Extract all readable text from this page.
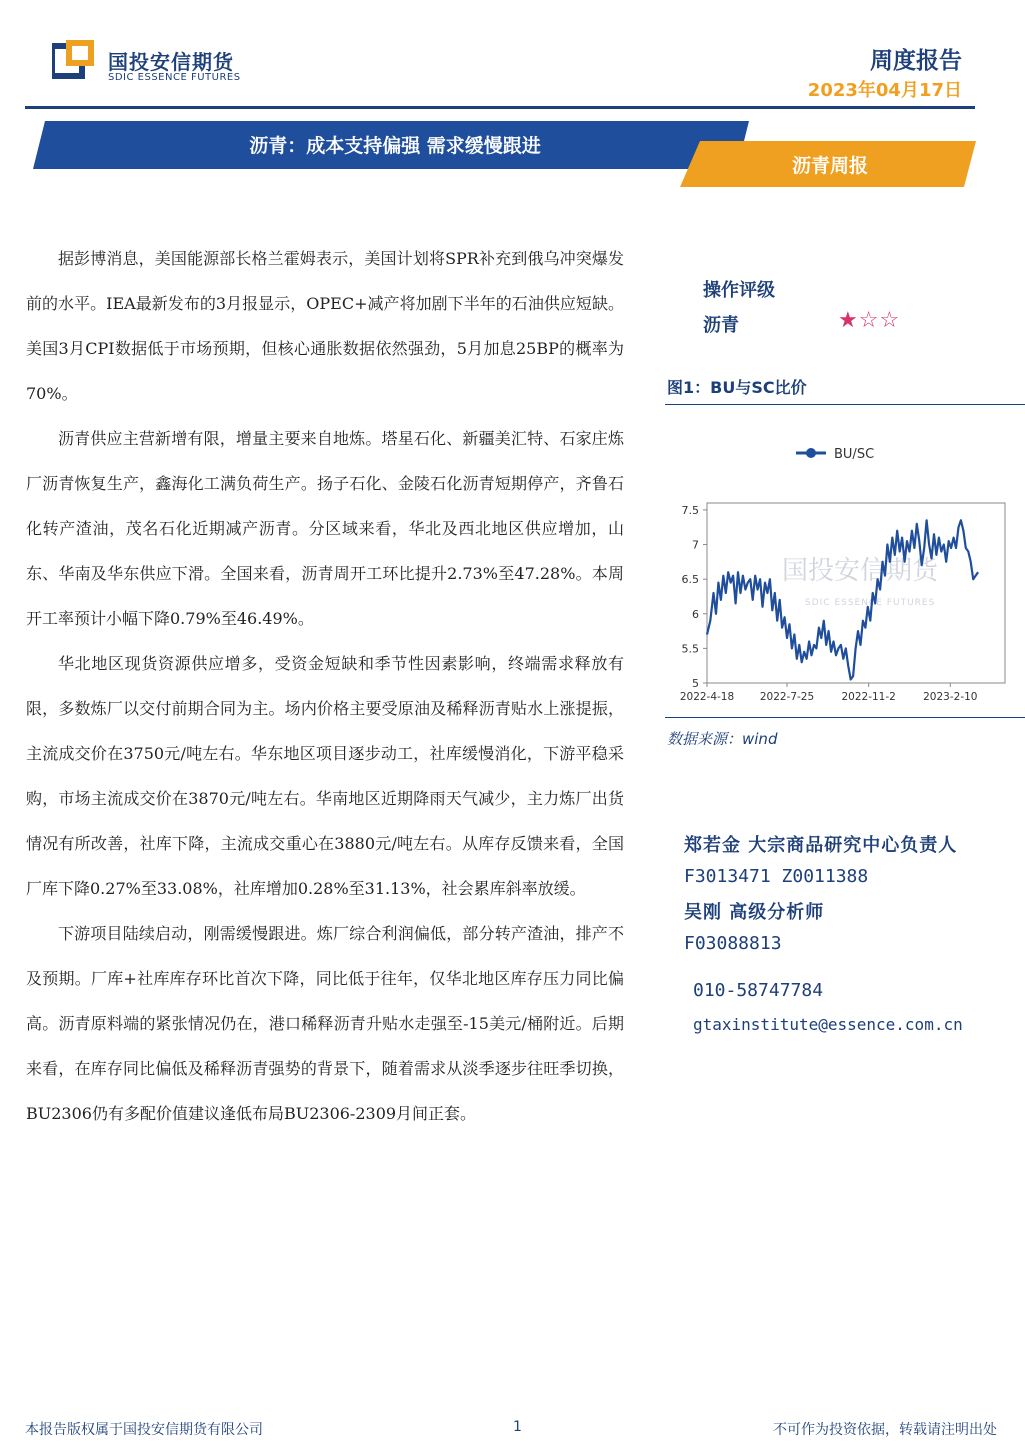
国投安信期货
SDIC ESSENCE FUTURES
周度报告
2023年04月17日
沥青：成本支持偏强 需求缓慢跟进
沥青周报

据彭博消息，美国能源部长格兰霍姆表示，美国计划将SPR补充到俄乌冲突爆发前的水平。IEA最新发布的3月报显示，OPEC+减产将加剧下半年的石油供应短缺。美国3月CPI数据低于市场预期，但核心通胀数据依然强劲，5月加息25BP的概率为70%。

沥青供应主营新增有限，增量主要来自地炼。塔星石化、新疆美汇特、石家庄炼厂沥青恢复生产，鑫海化工满负荷生产。扬子石化、金陵石化沥青短期停产，齐鲁石化转产渣油，茂名石化近期减产沥青。分区域来看，华北及西北地区供应增加，山东、华南及华东供应下滑。全国来看，沥青周开工环比提升2.73%至47.28%。本周开工率预计小幅下降0.79%至46.49%。

华北地区现货资源供应增多，受资金短缺和季节性因素影响，终端需求释放有限，多数炼厂以交付前期合同为主。场内价格主要受原油及稀释沥青贴水上涨提振，主流成交价在3750元/吨左右。华东地区项目逐步动工，社库缓慢消化，下游平稳采购，市场主流成交价在3870元/吨左右。华南地区近期降雨天气减少，主力炼厂出货情况有所改善，社库下降，主流成交重心在3880元/吨左右。从库存反馈来看，全国厂库下降0.27%至33.08%，社库增加0.28%至31.13%，社会累库斜率放缓。

下游项目陆续启动，刚需缓慢跟进。炼厂综合利润偏低，部分转产渣油，排产不及预期。厂库+社库库存环比首次下降，同比低于往年，仅华北地区库存压力同比偏高。沥青原料端的紧张情况仍在，港口稀释沥青升贴水走强至-15美元/桶附近。后期来看，在库存同比偏低及稀释沥青强势的背景下，随着需求从淡季逐步往旺季切换，BU2306仍有多配价值建议逢低布局BU2306-2309月间正套。

操作评级
沥青	★☆☆
图1：BU与SC比价
国投安信期货
SDIC ESSENCE FUTURES
BU/SC
5
5.5
6
6.5
7
7.5
2022-4-18 2022-7-25	2022-11-2	2023-2-10
数据来源：wind
郑若金 大宗商品研究中心负责人
F3013471 Z0011388
吴刚 高级分析师
F03088813
010-58747784
gtaxinstitute@essence.com.cn
本报告版权属于国投安信期货有限公司	1	不可作为投资依据，转载请注明出处
